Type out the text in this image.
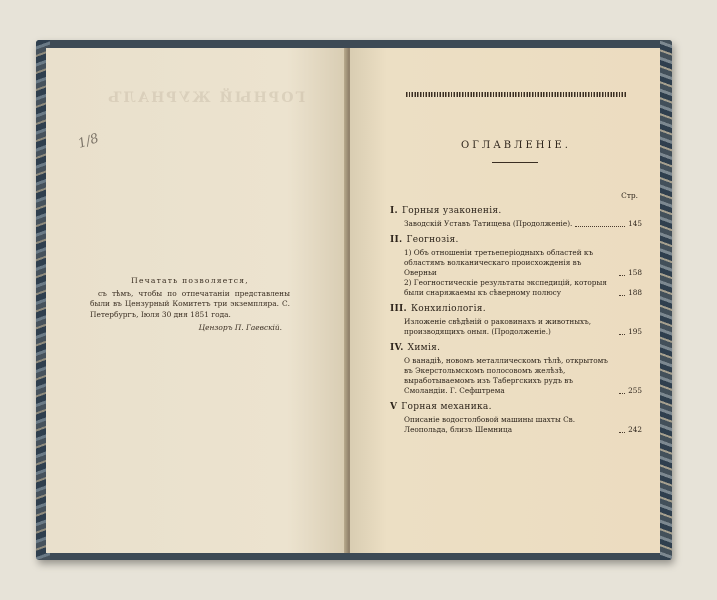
ГОРНЫЙ ЖУРНАЛЪ
1/8
Печатать позволяется,
съ тѣмъ, чтобы по отпечатаніи представлены были въ Цензурный Комитетъ три экземпляра. С. Петербургъ, Іюля 30 дня 1851 года.
Цензоръ П. Гаевскій.
ОГЛАВЛЕНІЕ.
Стр.
I. Горныя узаконенія.
Заводскій Уставъ Татищева (Продолженіе).	145
II. Геогнозія.
1) Объ отношеніи третьеперіодныхъ областей къ областямъ волканическаго происхожденія въ Оверньи	158
2) Геогностическіе результаты экспедицій, которыя были снаряжаемы къ сѣверному полюсу	188
III. Конхиліологія.
Изложеніе свѣдѣній о раковинахъ и животныхъ, производящихъ оныя. (Продолженіе.)	195
IV. Химія.
О ванадіѣ, новомъ металлическомъ тѣлѣ, открытомъ въ Экерстольмскомъ полосовомъ желѣзѣ, выработываемомъ изъ Табергскихъ рудъ въ Смоландіи. Г. Сефштрема	255
V Горная механика.
Описаніе водостолбовой машины шахты Св. Леопольда, близъ Шемница	242
